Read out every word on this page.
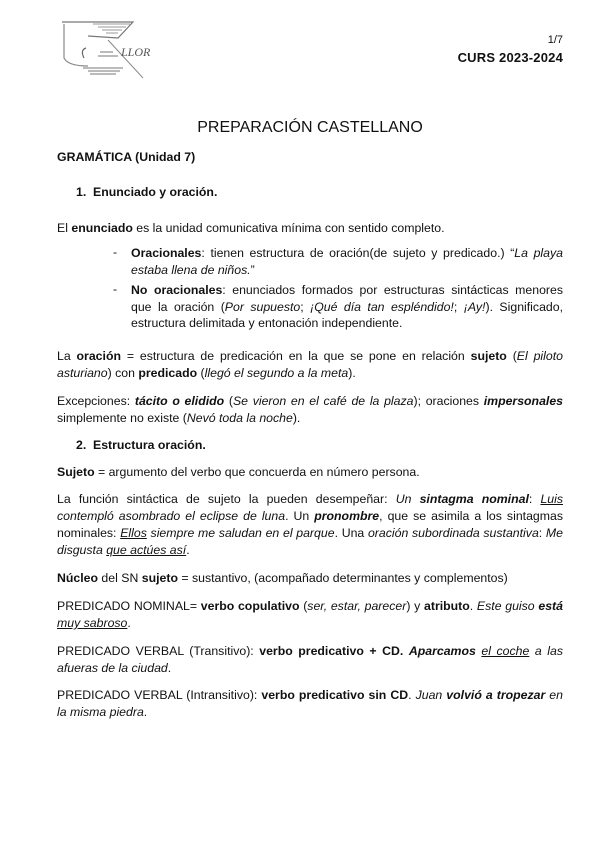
LLOR
1/7
CURS 2023-2024
PREPARACIÓN CASTELLANO
GRAMÁTICA (Unidad 7)
1. Enunciado y oración.
El enunciado es la unidad comunicativa mínima con sentido completo.
- Oracionales: tienen estructura de oración(de sujeto y predicado.) “La playa estaba llena de niños.”
- No oracionales: enunciados formados por estructuras sintácticas menores que la oración (Por supuesto; ¡Qué día tan espléndido!; ¡Ay!). Significado, estructura delimitada y entonación independiente.
La oración = estructura de predicación en la que se pone en relación sujeto (El piloto asturiano) con predicado (llegó el segundo a la meta).
Excepciones: tácito o elidido (Se vieron en el café de la plaza); oraciones impersonales simplemente no existe (Nevó toda la noche).
2. Estructura oración.
Sujeto = argumento del verbo que concuerda en número persona.
La función sintáctica de sujeto la pueden desempeñar: Un sintagma nominal: Luis contempló asombrado el eclipse de luna. Un pronombre, que se asimila a los sintagmas nominales: Ellos siempre me saludan en el parque. Una oración subordinada sustantiva: Me disgusta que actúes así.
Núcleo del SN sujeto = sustantivo, (acompañado determinantes y complementos)
PREDICADO NOMINAL= verbo copulativo (ser, estar, parecer) y atributo. Este guiso está muy sabroso.
PREDICADO VERBAL (Transitivo): verbo predicativo + CD. Aparcamos el coche a las afueras de la ciudad.
PREDICADO VERBAL (Intransitivo): verbo predicativo sin CD. Juan volvió a tropezar en la misma piedra.
